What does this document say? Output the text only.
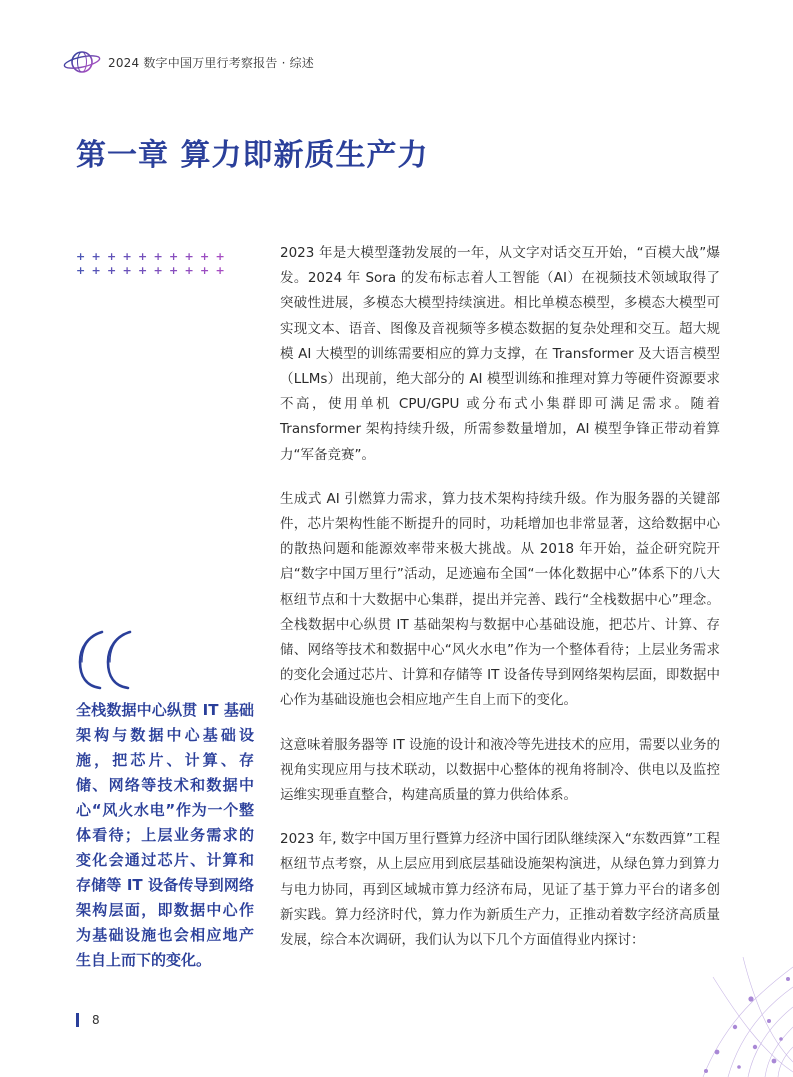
2024 数字中国万里行考察报告 · 综述
第一章 算力即新质生产力
+ + + + + + + + + +
+ + + + + + + + + +

2023 年是大模型蓬勃发展的一年，从文字对话交互开始，“百模大战”爆发。2024 年 Sora 的发布标志着人工智能（AI）在视频技术领域取得了突破性进展，多模态大模型持续演进。相比单模态模型，多模态大模型可实现文本、语音、图像及音视频等多模态数据的复杂处理和交互。超大规模 AI 大模型的训练需要相应的算力支撑，在 Transformer 及大语言模型（LLMs）出现前，绝大部分的 AI 模型训练和推理对算力等硬件资源要求不高，使用单机 CPU/GPU 或分布式小集群即可满足需求。随着 Transformer 架构持续升级，所需参数量增加，AI 模型争锋正带动着算力“军备竞赛”。

生成式 AI 引燃算力需求，算力技术架构持续升级。作为服务器的关键部件，芯片架构性能不断提升的同时，功耗增加也非常显著，这给数据中心的散热问题和能源效率带来极大挑战。从 2018 年开始，益企研究院开启“数字中国万里行”活动，足迹遍布全国“一体化数据中心”体系下的八大枢纽节点和十大数据中心集群，提出并完善、践行“全栈数据中心”理念。全栈数据中心纵贯 IT 基础架构与数据中心基础设施，把芯片、计算、存储、网络等技术和数据中心“风火水电”作为一个整体看待；上层业务需求的变化会通过芯片、计算和存储等 IT 设备传导到网络架构层面，即数据中心作为基础设施也会相应地产生自上而下的变化。

这意味着服务器等 IT 设施的设计和液冷等先进技术的应用，需要以业务的视角实现应用与技术联动，以数据中心整体的视角将制冷、供电以及监控运维实现垂直整合，构建高质量的算力供给体系。

2023 年, 数字中国万里行暨算力经济中国行团队继续深入“东数西算”工程枢纽节点考察，从上层应用到底层基础设施架构演进，从绿色算力到算力与电力协同，再到区域城市算力经济布局，见证了基于算力平台的诸多创新实践。算力经济时代，算力作为新质生产力，正推动着数字经济高质量发展，综合本次调研，我们认为以下几个方面值得业内探讨：

全栈数据中心纵贯 IT 基础架构与数据中心基础设施，把芯片、计算、存储、网络等技术和数据中心“风火水电”作为一个整体看待；上层业务需求的变化会通过芯片、计算和存储等 IT 设备传导到网络架构层面，即数据中心作为基础设施也会相应地产生自上而下的变化。

8
